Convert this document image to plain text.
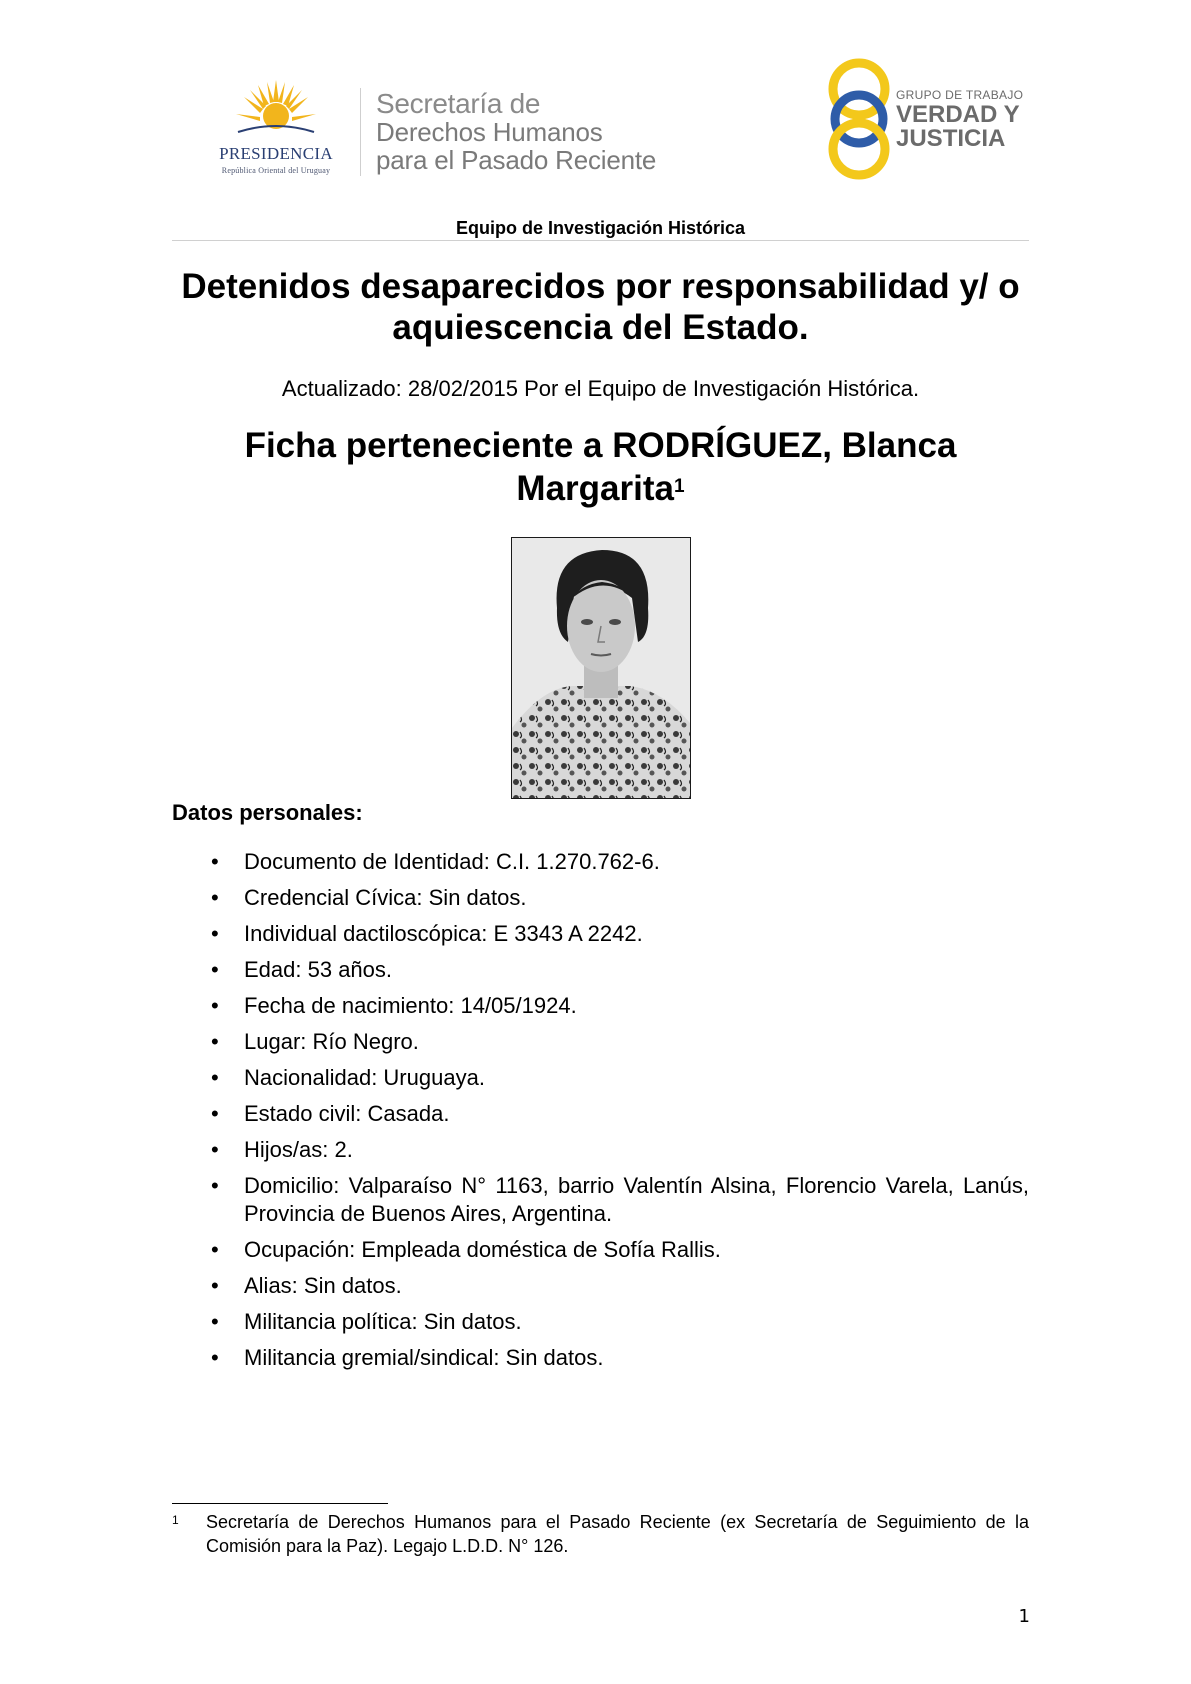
PRESIDENCIA
República Oriental del Uruguay
Secretaría de
Derechos Humanos
para el Pasado Reciente
GRUPO DE TRABAJO
VERDAD Y
JUSTICIA
Equipo de Investigación Histórica
Detenidos desaparecidos por responsabilidad y/ o aquiescencia del Estado.
Actualizado: 28/02/2015 Por el Equipo de Investigación Histórica.
Ficha perteneciente a RODRÍGUEZ, Blanca Margarita$^1$
Datos personales:
• Documento de Identidad: C.I. 1.270.762-6.
• Credencial Cívica: Sin datos.
• Individual dactiloscópica: E 3343 A 2242.
• Edad: 53 años.
• Fecha de nacimiento: 14/05/1924.
• Lugar: Río Negro.
• Nacionalidad: Uruguaya.
• Estado civil: Casada.
• Hijos/as: 2.
• Domicilio: Valparaíso N° 1163, barrio Valentín Alsina, Florencio Varela, Lanús, Provincia de Buenos Aires, Argentina.
• Ocupación: Empleada doméstica de Sofía Rallis.
• Alias: Sin datos.
• Militancia política: Sin datos.
• Militancia gremial/sindical: Sin datos.
1	Secretaría de Derechos Humanos para el Pasado Reciente (ex Secretaría de Seguimiento de la Comisión para la Paz). Legajo L.D.D. N° 126.
1
